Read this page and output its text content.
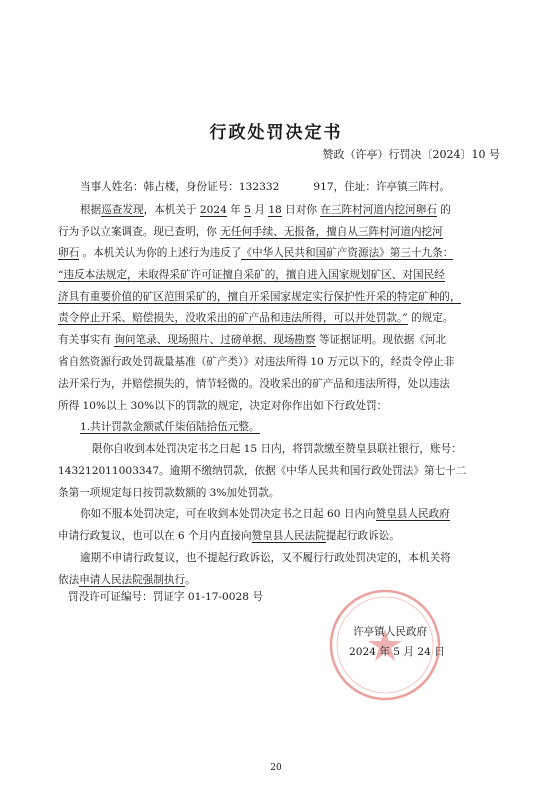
行政处罚决定书
赞政（许亭）行罚决〔2024〕10 号
当事人姓名：韩占楼，身份证号：132332	917，住址：许亭镇三阵村。
根据巡查发现，本机关于 2024 年 5 月 18 日对你 在三阵村河道内挖河卵石 的
行为予以立案调查。现已查明，你 无任何手续、无报备，擅自从三阵村河道内挖河
卵石 。本机关认为你的上述行为违反了《中华人民共和国矿产资源法》第三十九条：
“违反本法规定，未取得采矿许可证擅自采矿的，擅自进入国家规划矿区、对国民经
济具有重要价值的矿区范围采矿的，擅自开采国家规定实行保护性开采的特定矿种的，
责令停止开采、赔偿损失，没收采出的矿产品和违法所得，可以并处罚款。” 的规定。
有关事实有 询问笔录、现场照片、过磅单据、现场勘察 等证据证明。现依据《河北
省自然资源行政处罚裁量基准（矿产类）》对违法所得 10 万元以下的，经责令停止非
法开采行为，并赔偿损失的，情节轻微的。没收采出的矿产品和违法所得，处以违法
所得 10%以上 30%以下的罚款的规定，决定对你作出如下行政处罚：
1.共计罚款金额贰仟柒佰陆拾伍元整。
限你自收到本处罚决定书之日起 15 日内，将罚款缴至赞皇县联社银行，账号：
143212011003347。逾期不缴纳罚款，依据《中华人民共和国行政处罚法》第七十二
条第一项规定每日按罚款数额的 3%加处罚款。
你如不服本处罚决定，可在收到本处罚决定书之日起 60 日内向赞皇县人民政府
申请行政复议，也可以在 6 个月内直接向赞皇县人民法院提起行政诉讼。
逾期不申请行政复议，也不提起行政诉讼，又不履行行政处罚决定的，本机关将
依法申请人民法院强制执行。
罚没许可证编号：罚证字 01-17-0028 号
许亭镇人民政府
2024 年 5 月 24 日
20
